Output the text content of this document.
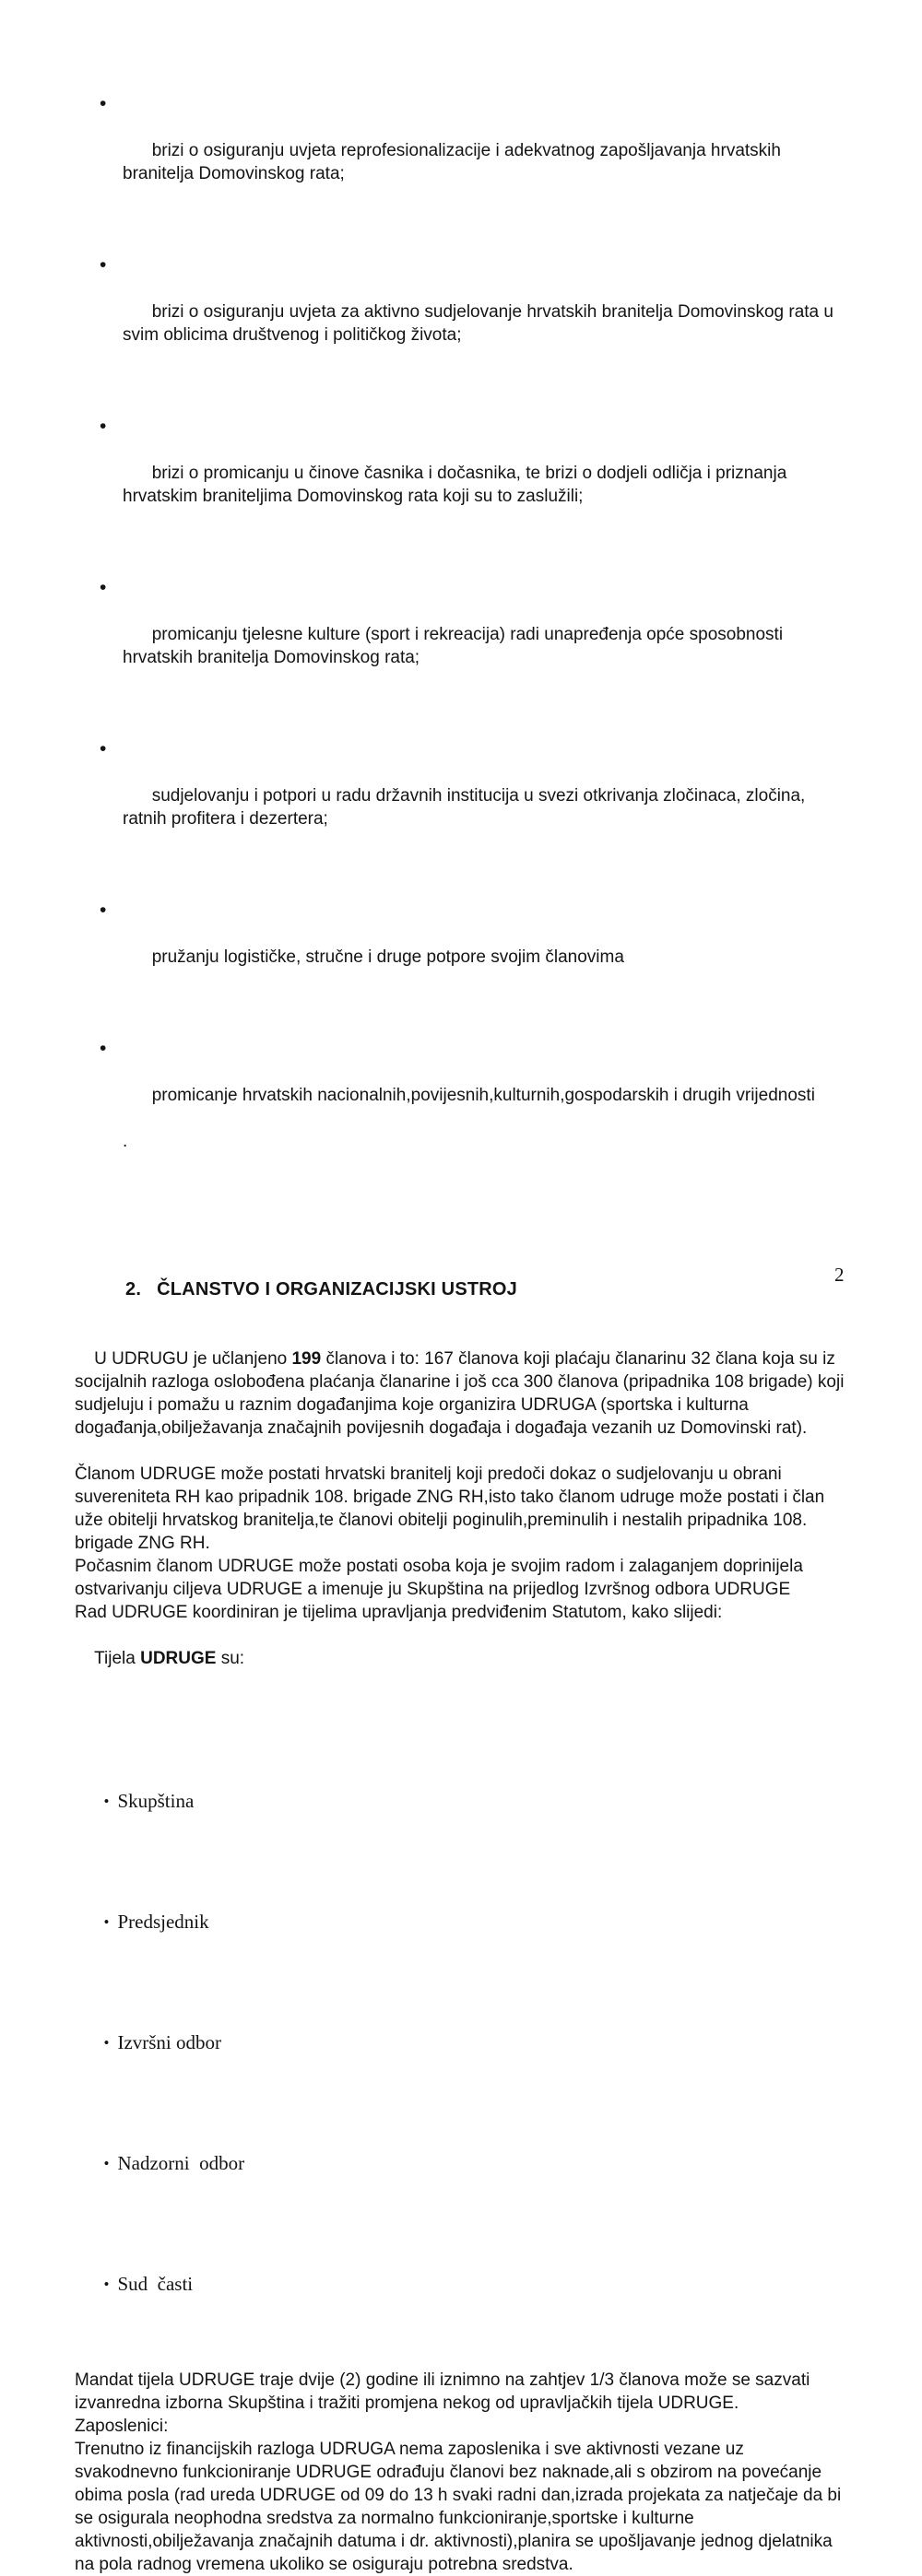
•

brizi o osiguranju uvjeta reprofesionalizacije i adekvatnog zapošljavanja hrvatskih branitelja Domovinskog rata;

•

brizi o osiguranju uvjeta za aktivno sudjelovanje hrvatskih branitelja Domovinskog rata u svim oblicima društvenog i političkog života;

•

brizi o promicanju u činove časnika i dočasnika, te brizi o dodjeli odličja i priznanja hrvatskim braniteljima Domovinskog rata koji su to zaslužili;

•

promicanju tjelesne kulture (sport i rekreacija) radi unapređenja opće sposobnosti hrvatskih branitelja Domovinskog rata;

•

sudjelovanju i potpori u radu državnih institucija u svezi otkrivanja zločinaca, zločina, ratnih profitera i dezertera;

•

pružanju logističke, stručne i druge potpore svojim članovima

•

promicanje hrvatskih nacionalnih,povijesnih,kulturnih,gospodarskih i drugih vrijednosti

.

2. ČLANSTVO I ORGANIZACIJSKI USTROJ

U UDRUGU je učlanjeno 199 članova i to: 167 članova koji plaćaju članarinu 32 člana koja su iz socijalnih razloga oslobođena plaćanja članarine i još cca 300 članova (pripadnika 108 brigade) koji sudjeluju i pomažu u raznim događanjima koje organizira UDRUGA (sportska i kulturna događanja,obilježavanja značajnih povijesnih događaja i događaja vezanih uz Domovinski rat).

Članom UDRUGE može postati hrvatski branitelj koji predoči dokaz o sudjelovanju u obrani suvereniteta RH kao pripadnik 108. brigade ZNG RH,isto tako članom udruge može postati i član uže obitelji hrvatskog branitelja,te članovi obitelji poginulih,preminulih i nestalih pripadnika 108. brigade ZNG RH.

Počasnim članom UDRUGE može postati osoba koja je svojim radom i zalaganjem doprinijela ostvarivanju ciljeva UDRUGE a imenuje ju Skupština na prijedlog Izvršnog odbora UDRUGE

Rad UDRUGE koordiniran je tijelima upravljanja predviđenim Statutom, kako slijedi:

Tijela UDRUGE su:

• Skupština

• Predsjednik

• Izvršni odbor

• Nadzorni  odbor

• Sud  časti

Mandat tijela UDRUGE traje dvije (2) godine ili iznimno na zahtjev 1/3 članova može se sazvati izvanredna izborna Skupština i tražiti promjena nekog od upravljačkih tijela UDRUGE.

Zaposlenici:

Trenutno iz financijskih razloga UDRUGA nema zaposlenika i sve aktivnosti vezane uz svakodnevno funkcioniranje UDRUGE odrađuju članovi bez naknade,ali s obzirom na povećanje obima posla (rad ureda UDRUGE od 09 do 13 h svaki radni dan,izrada projekata za natječaje da bi se osigurala neophodna sredstva za normalno funkcioniranje,sportske i kulturne aktivnosti,obilježavanja značajnih datuma i dr. aktivnosti),planira se upošljavanje jednog djelatnika na pola radnog vremena ukoliko se osiguraju potrebna sredstva.

2
